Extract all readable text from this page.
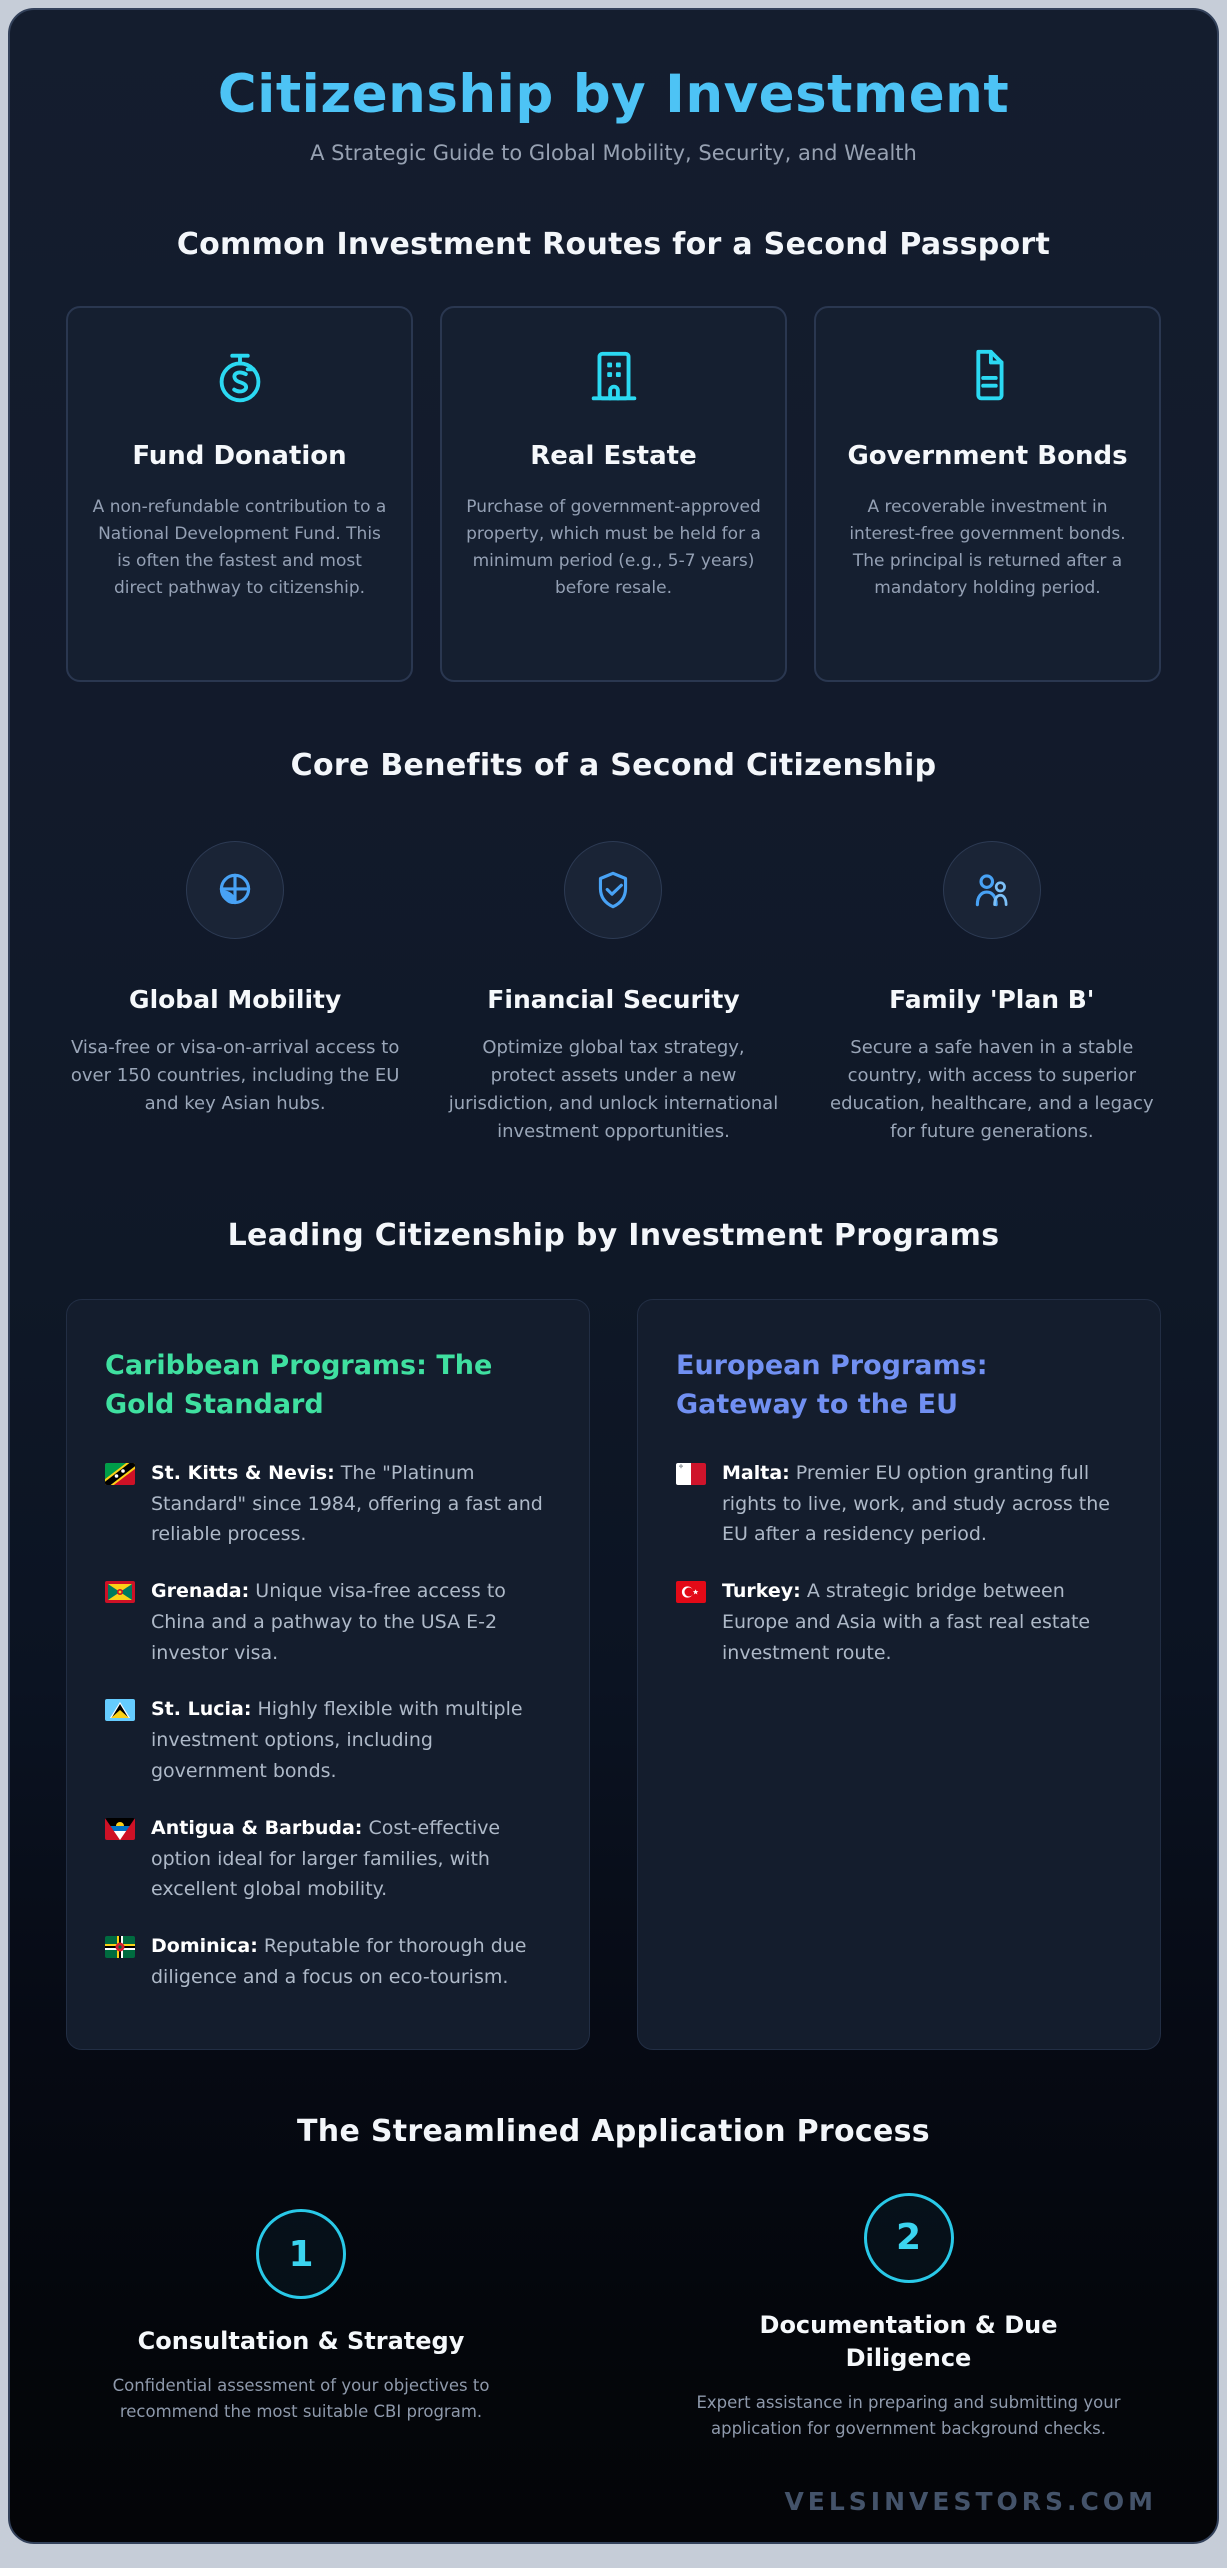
Citizenship by Investment
A Strategic Guide to Global Mobility, Security, and Wealth
Common Investment Routes for a Second Passport
Fund Donation
A non-refundable contribution to a National Development Fund. This is often the fastest and most direct pathway to citizenship.
Real Estate
Purchase of government-approved property, which must be held for a minimum period (e.g., 5-7 years) before resale.
Government Bonds
A recoverable investment in interest-free government bonds. The principal is returned after a mandatory holding period.
Core Benefits of a Second Citizenship
Global Mobility
Visa-free or visa-on-arrival access to over 150 countries, including the EU and key Asian hubs.
Financial Security
Optimize global tax strategy, protect assets under a new jurisdiction, and unlock international investment opportunities.
Family 'Plan B'
Secure a safe haven in a stable country, with access to superior education, healthcare, and a legacy for future generations.
Leading Citizenship by Investment Programs
Caribbean Programs: The
Gold Standard
St. Kitts & Nevis: The "Platinum Standard" since 1984, offering a fast and reliable process.
Grenada: Unique visa-free access to China and a pathway to the USA E-2 investor visa.
St. Lucia: Highly flexible with multiple investment options, including government bonds.
Antigua & Barbuda: Cost-effective option ideal for larger families, with excellent global mobility.
Dominica: Reputable for thorough due diligence and a focus on eco-tourism.
European Programs:
Gateway to the EU
Malta: Premier EU option granting full rights to live, work, and study across the EU after a residency period.
Turkey: A strategic bridge between Europe and Asia with a fast real estate investment route.
The Streamlined Application Process
1
Consultation & Strategy
Confidential assessment of your objectives to recommend the most suitable CBI program.
2
Documentation & Due Diligence
Expert assistance in preparing and submitting your application for government background checks.
VELSINVESTORS.COM
